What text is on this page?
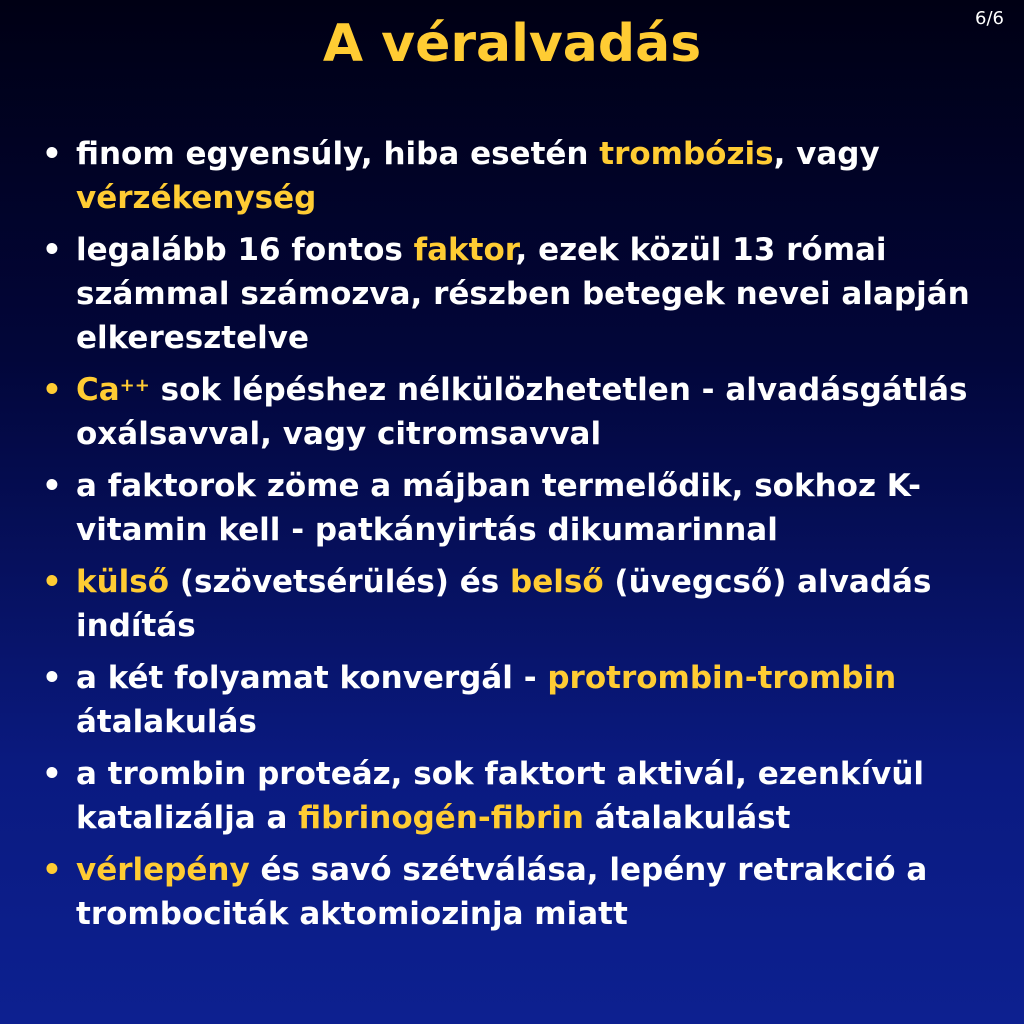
6/6
A véralvadás
• finom egyensúly, hiba esetén trombózis, vagy
vérzékenység
• legalább 16 fontos faktor, ezek közül 13 római számmal számozva, részben betegek nevei alapján elkeresztelve
• Ca++ sok lépéshez nélkülözhetetlen - alvadásgátlás oxálsavval, vagy citromsavval
• a faktorok zöme a májban termelődik, sokhoz K-vitamin kell - patkányirtás dikumarinnal
• külső (szövetsérülés) és belső (üvegcső) alvadás indítás
• a két folyamat konvergál - protrombin-trombin átalakulás
• a trombin proteáz, sok faktort aktivál, ezenkívül katalizálja a fibrinogén-fibrin átalakulást
• vérlepény és savó szétválása, lepény retrakció a trombociták aktomiozinja miatt
